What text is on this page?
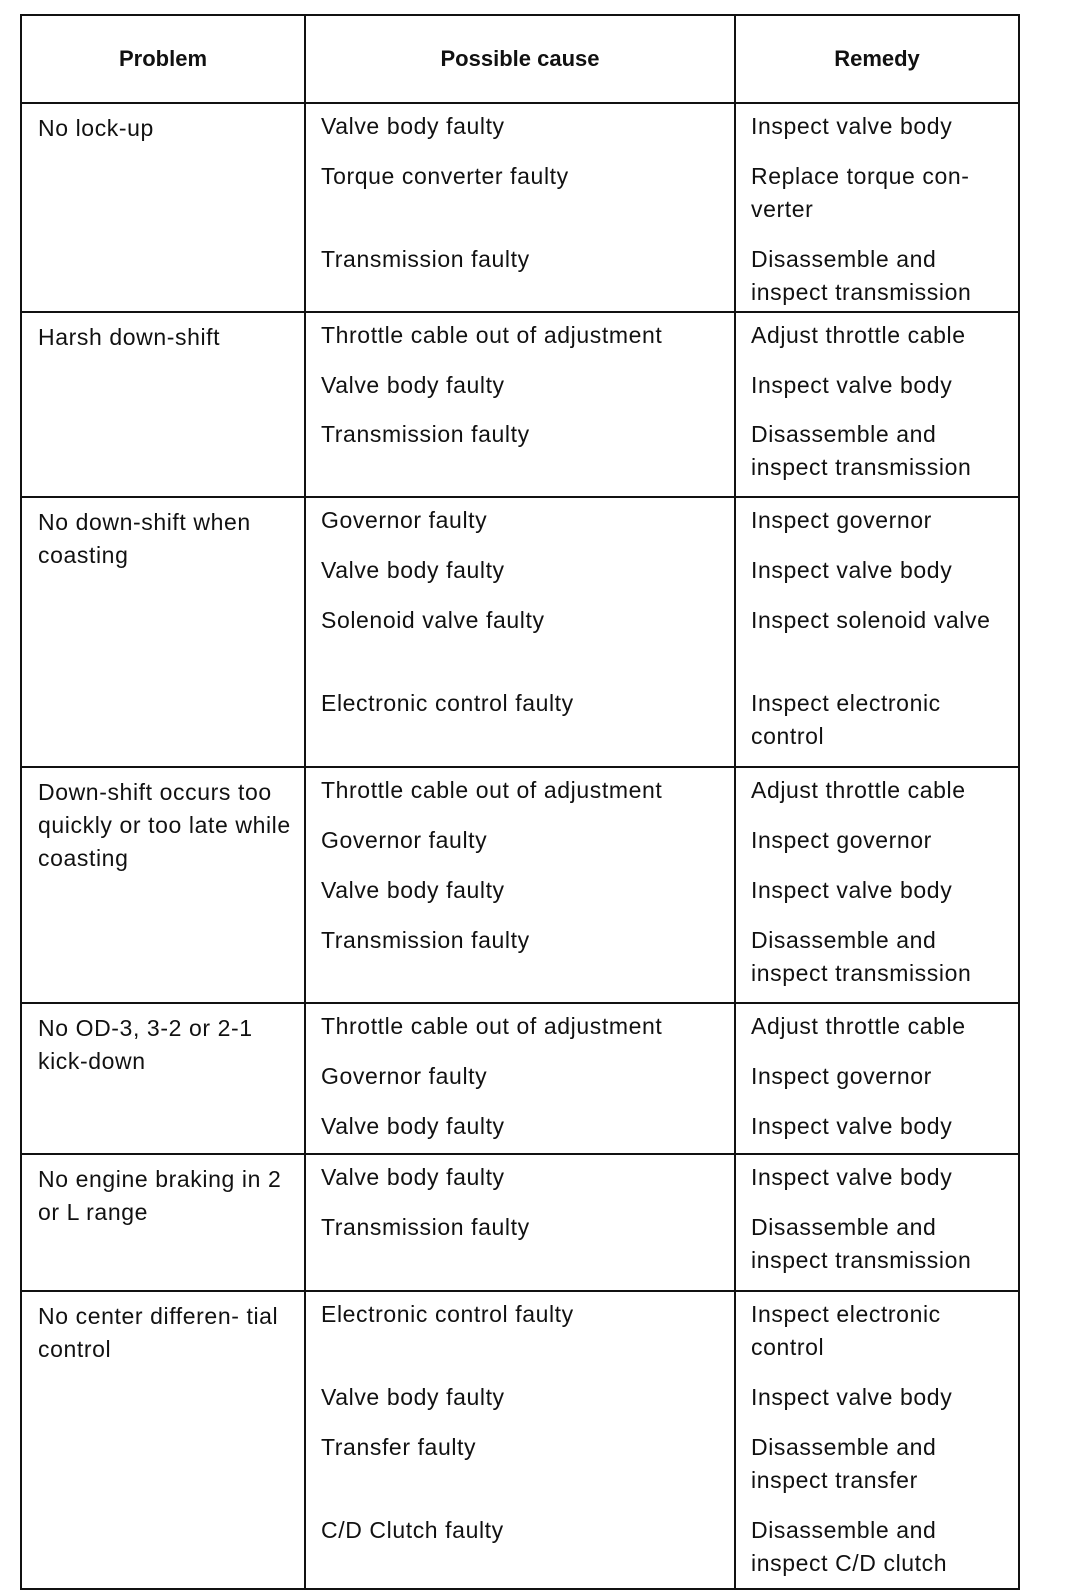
Problem	Possible cause	Remedy

No lock-up	Valve body faulty	Inspect valve body

	Torque converter faulty	Replace torque con- verter

	Transmission faulty	Disassemble and inspect transmission

Harsh down-shift	Throttle cable out of adjustment	Adjust throttle cable

	Valve body faulty	Inspect valve body

	Transmission faulty	Disassemble and inspect transmission

No down-shift when coasting	Governor faulty	Inspect governor

	Valve body faulty	Inspect valve body

	Solenoid valve faulty	Inspect solenoid valve

	Electronic control faulty	Inspect electronic control

Down-shift occurs too quickly or too late while coasting	Throttle cable out of adjustment	Adjust throttle cable

	Governor faulty	Inspect governor

	Valve body faulty	Inspect valve body

	Transmission faulty	Disassemble and inspect transmission

No OD-3, 3-2 or 2-1 kick-down	Throttle cable out of adjustment	Adjust throttle cable

	Governor faulty	Inspect governor

	Valve body faulty	Inspect valve body

No engine braking in 2 or L range	Valve body faulty	Inspect valve body

	Transmission faulty	Disassemble and inspect transmission

No center differen- tial control	Electronic control faulty	Inspect electronic control

	Valve body faulty	Inspect valve body

	Transfer faulty	Disassemble and inspect transfer

	C/D Clutch faulty	Disassemble and inspect C/D clutch
